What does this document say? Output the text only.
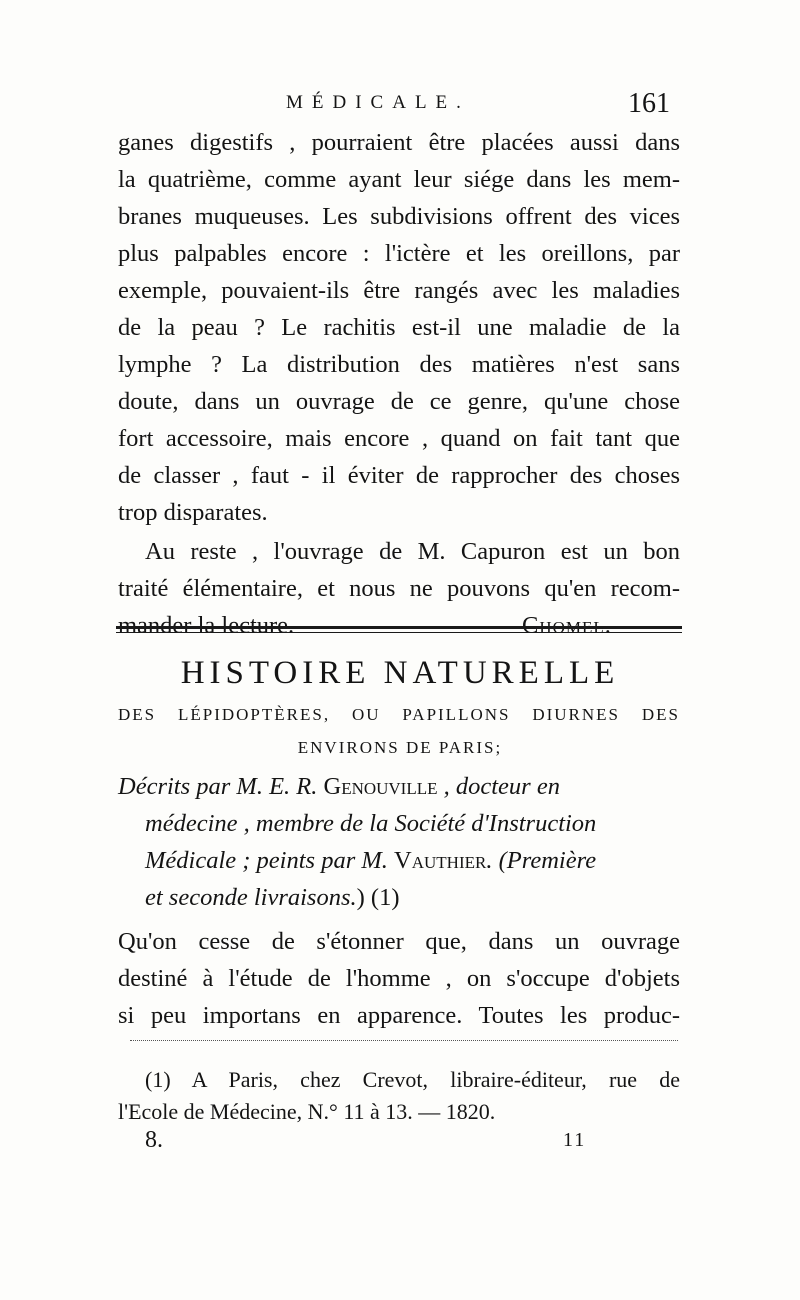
MÉDICALE.	161
ganes digestifs , pourraient être placées aussi dans
la quatrième, comme ayant leur siége dans les mem-
branes muqueuses. Les subdivisions offrent des vices
plus palpables encore : l'ictère et les oreillons, par
exemple, pouvaient-ils être rangés avec les maladies
de la peau ? Le rachitis est-il une maladie de la
lymphe ? La distribution des matières n'est sans
doute, dans un ouvrage de ce genre, qu'une chose
fort accessoire, mais encore , quand on fait tant que
de classer , faut - il éviter de rapprocher des choses
trop disparates.
Au reste , l'ouvrage de M. Capuron est un bon
traité élémentaire, et nous ne pouvons qu'en recom-
HISTOIRE NATURELLE
DES LÉPIDOPTÈRES, OU PAPILLONS DIURNES DES
ENVIRONS DE PARIS;
Décrits par M. E. R. Genouville , docteur en
médecine , membre de la Société d'Instruction
Médicale ; peints par M. Vauthier. (Première
et seconde livraisons.) (1)
Qu'on cesse de s'étonner que, dans un ouvrage
destiné à l'étude de l'homme , on s'occupe d'objets
si peu importans en apparence. Toutes les produc-
(1) A Paris, chez Crevot, libraire-éditeur, rue de
l'Ecole de Médecine, N.° 11 à 13. — 1820.
8.	11
